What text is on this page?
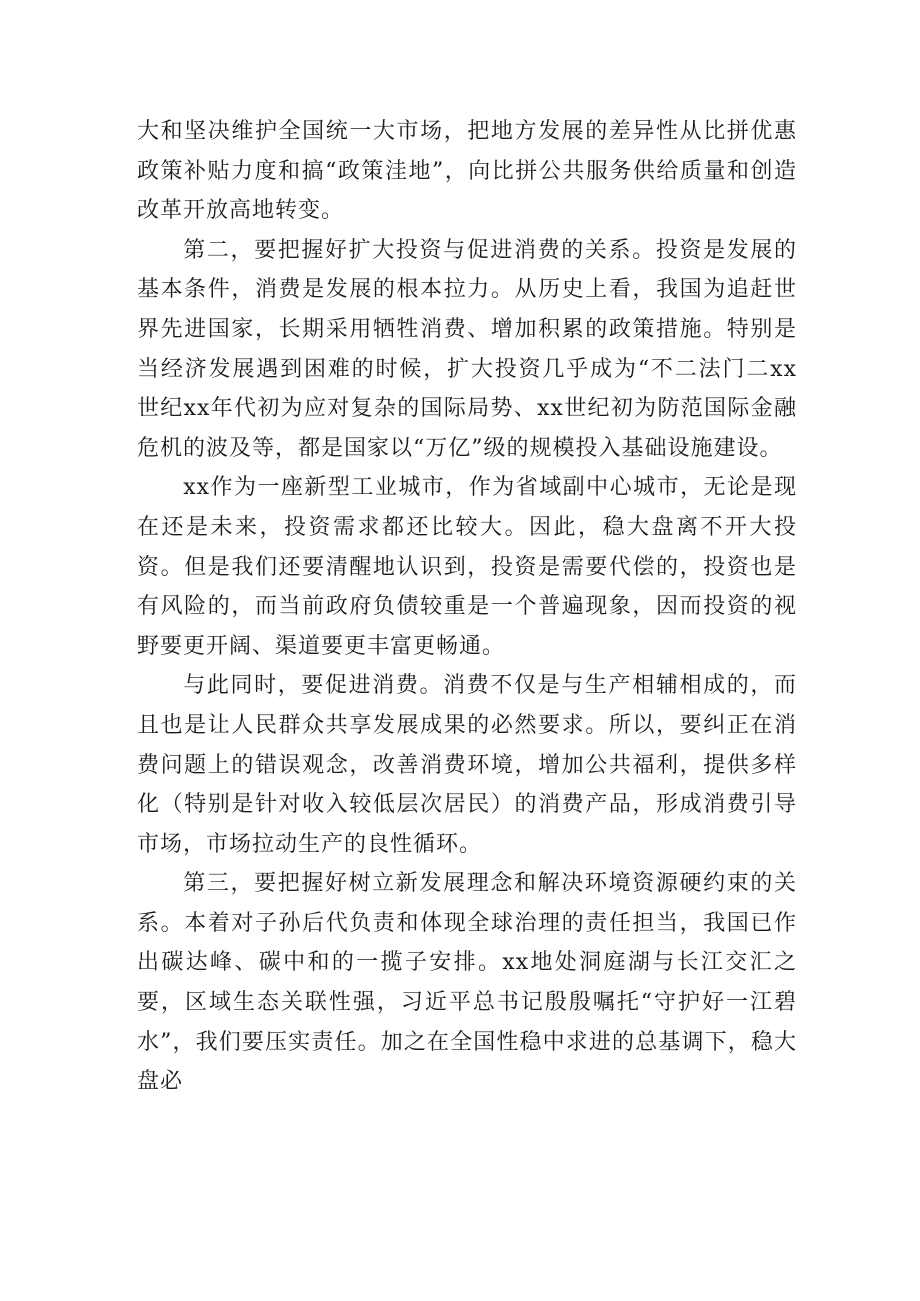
大和坚决维护全国统一大市场，把地方发展的差异性从比拼优惠政策补贴力度和搞“政策洼地”，向比拼公共服务供给质量和创造改革开放高地转变。

第二，要把握好扩大投资与促进消费的关系。投资是发展的基本条件，消费是发展的根本拉力。从历史上看，我国为追赶世界先进国家，长期采用牺牲消费、增加积累的政策措施。特别是当经济发展遇到困难的时候，扩大投资几乎成为“不二法门二xx世纪xx年代初为应对复杂的国际局势、xx世纪初为防范国际金融危机的波及等，都是国家以“万亿”级的规模投入基础设施建设。

xx作为一座新型工业城市，作为省域副中心城市，无论是现在还是未来，投资需求都还比较大。因此，稳大盘离不开大投资。但是我们还要清醒地认识到，投资是需要代偿的，投资也是有风险的，而当前政府负债较重是一个普遍现象，因而投资的视野要更开阔、渠道要更丰富更畅通。

与此同时，要促进消费。消费不仅是与生产相辅相成的，而且也是让人民群众共享发展成果的必然要求。所以，要纠正在消费问题上的错误观念，改善消费环境，增加公共福利，提供多样化（特别是针对收入较低层次居民）的消费产品，形成消费引导市场，市场拉动生产的良性循环。

第三，要把握好树立新发展理念和解决环境资源硬约束的关系。本着对子孙后代负责和体现全球治理的责任担当，我国已作出碳达峰、碳中和的一揽子安排。xx地处洞庭湖与长江交汇之要，区域生态关联性强，习近平总书记殷殷嘱托“守护好一江碧水”，我们要压实责任。加之在全国性稳中求进的总基调下，稳大盘必
